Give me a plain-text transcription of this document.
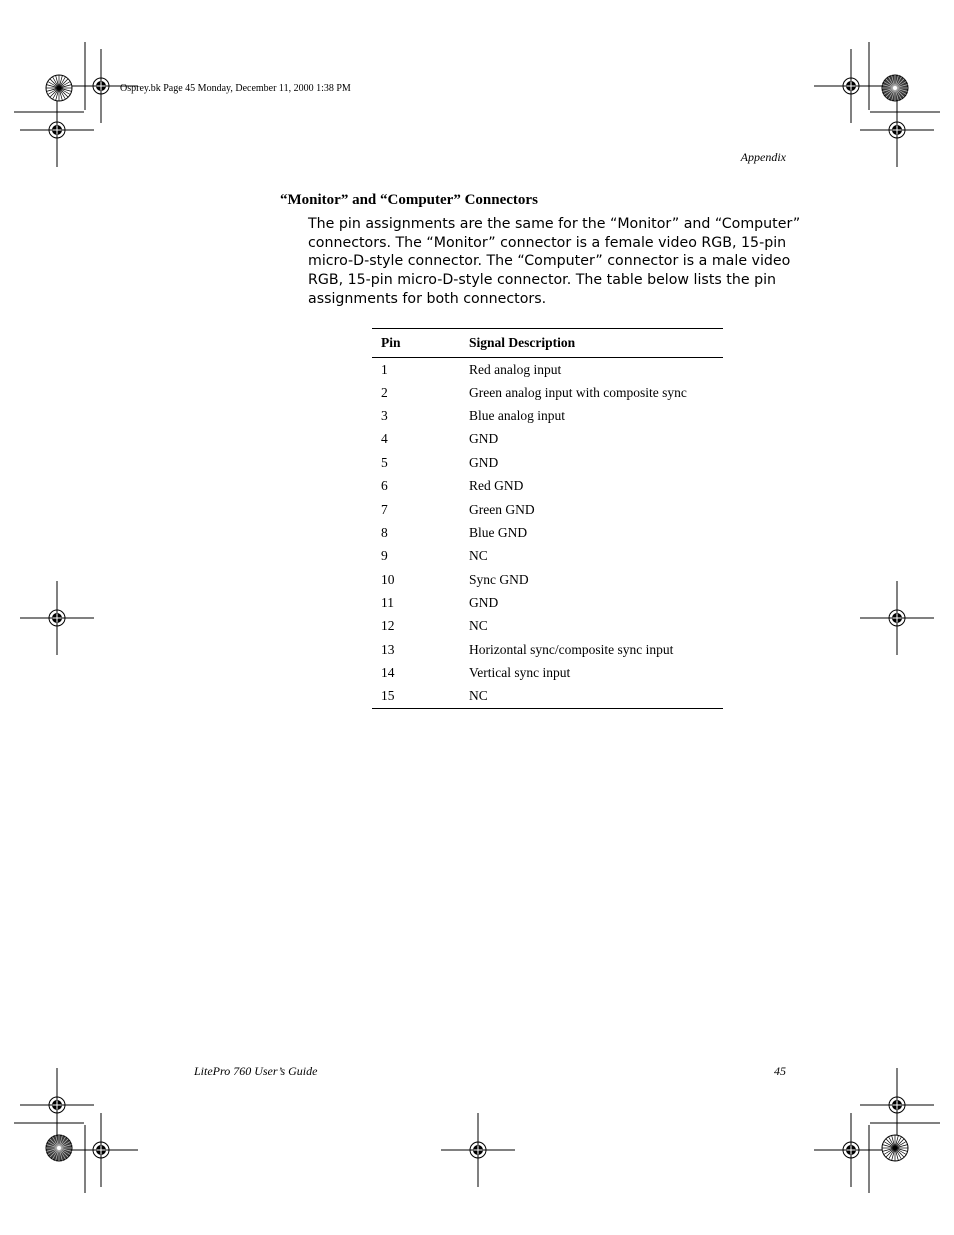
Osprey.bk Page 45 Monday, December 11, 2000 1:38 PM
Appendix
“Monitor” and “Computer” Connectors

The pin assignments are the same for the “Monitor” and “Computer” connectors. The “Monitor” connector is a female video RGB, 15-pin micro-D-style connector. The “Computer” connector is a male video RGB, 15-pin micro-D-style connector. The table below lists the pin assignments for both connectors.

Pin	Signal Description
1	Red analog input
2	Green analog input with composite sync
3	Blue analog input
4	GND
5	GND
6	Red GND
7	Green GND
8	Blue GND
9	NC
10	Sync GND
11	GND
12	NC
13	Horizontal sync/composite sync input
14	Vertical sync input
15	NC
LitePro 760 User’s Guide	45
